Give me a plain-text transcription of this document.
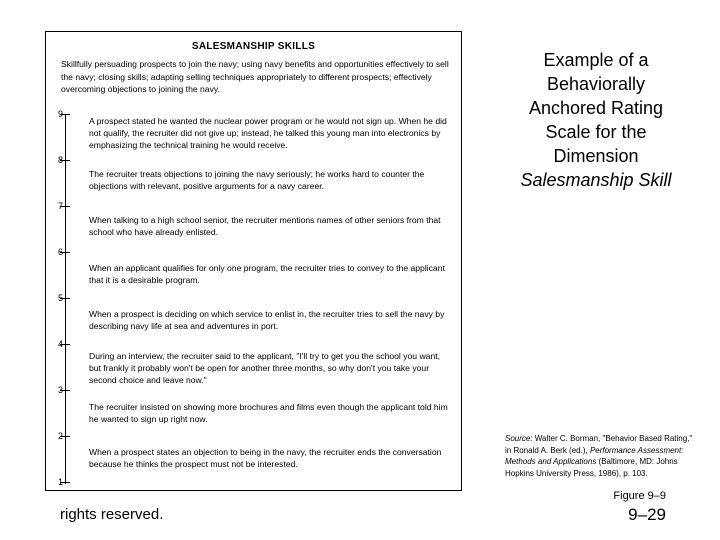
SALESMANSHIP SKILLS
Skillfully persuading prospects to join the navy; using navy benefits and opportunities effectively to sell the navy; closing skills; adapting selling techniques appropriately to different prospects; effectively overcoming objections to joining the navy.
9
8
7
6
5
4
3
2
1
A prospect stated he wanted the nuclear power program or he would not sign up. When he did not qualify, the recruiter did not give up; instead, he talked this young man into electronics by emphasizing the technical training he would receive.
The recruiter treats objections to joining the navy seriously; he works hard to counter the objections with relevant, positive arguments for a navy career.
When talking to a high school senior, the recruiter mentions names of other seniors from that school who have already enlisted.
When an applicant qualifies for only one program, the recruiter tries to convey to the applicant that it is a desirable program.
When a prospect is deciding on which service to enlist in, the recruiter tries to sell the navy by describing navy life at sea and adventures in port.
During an interview, the recruiter said to the applicant, "I'll try to get you the school you want, but frankly it probably won't be open for another three months, so why don't you take your second choice and leave now."
The recruiter insisted on showing more brochures and films even though the applicant told him he wanted to sign up right now.
When a prospect states an objection to being in the navy, the recruiter ends the conversation because he thinks the prospect must not be interested.
Example of a
Behaviorally
Anchored Rating
Scale for the
Dimension
Salesmanship Skill
Source: Walter C. Borman, "Behavior Based Rating," in Ronald A. Berk (ed.), Performance Assessment: Methods and Applications (Baltimore, MD: Johns Hopkins University Press, 1986), p. 103.
Figure 9–9
9–29
rights reserved.
